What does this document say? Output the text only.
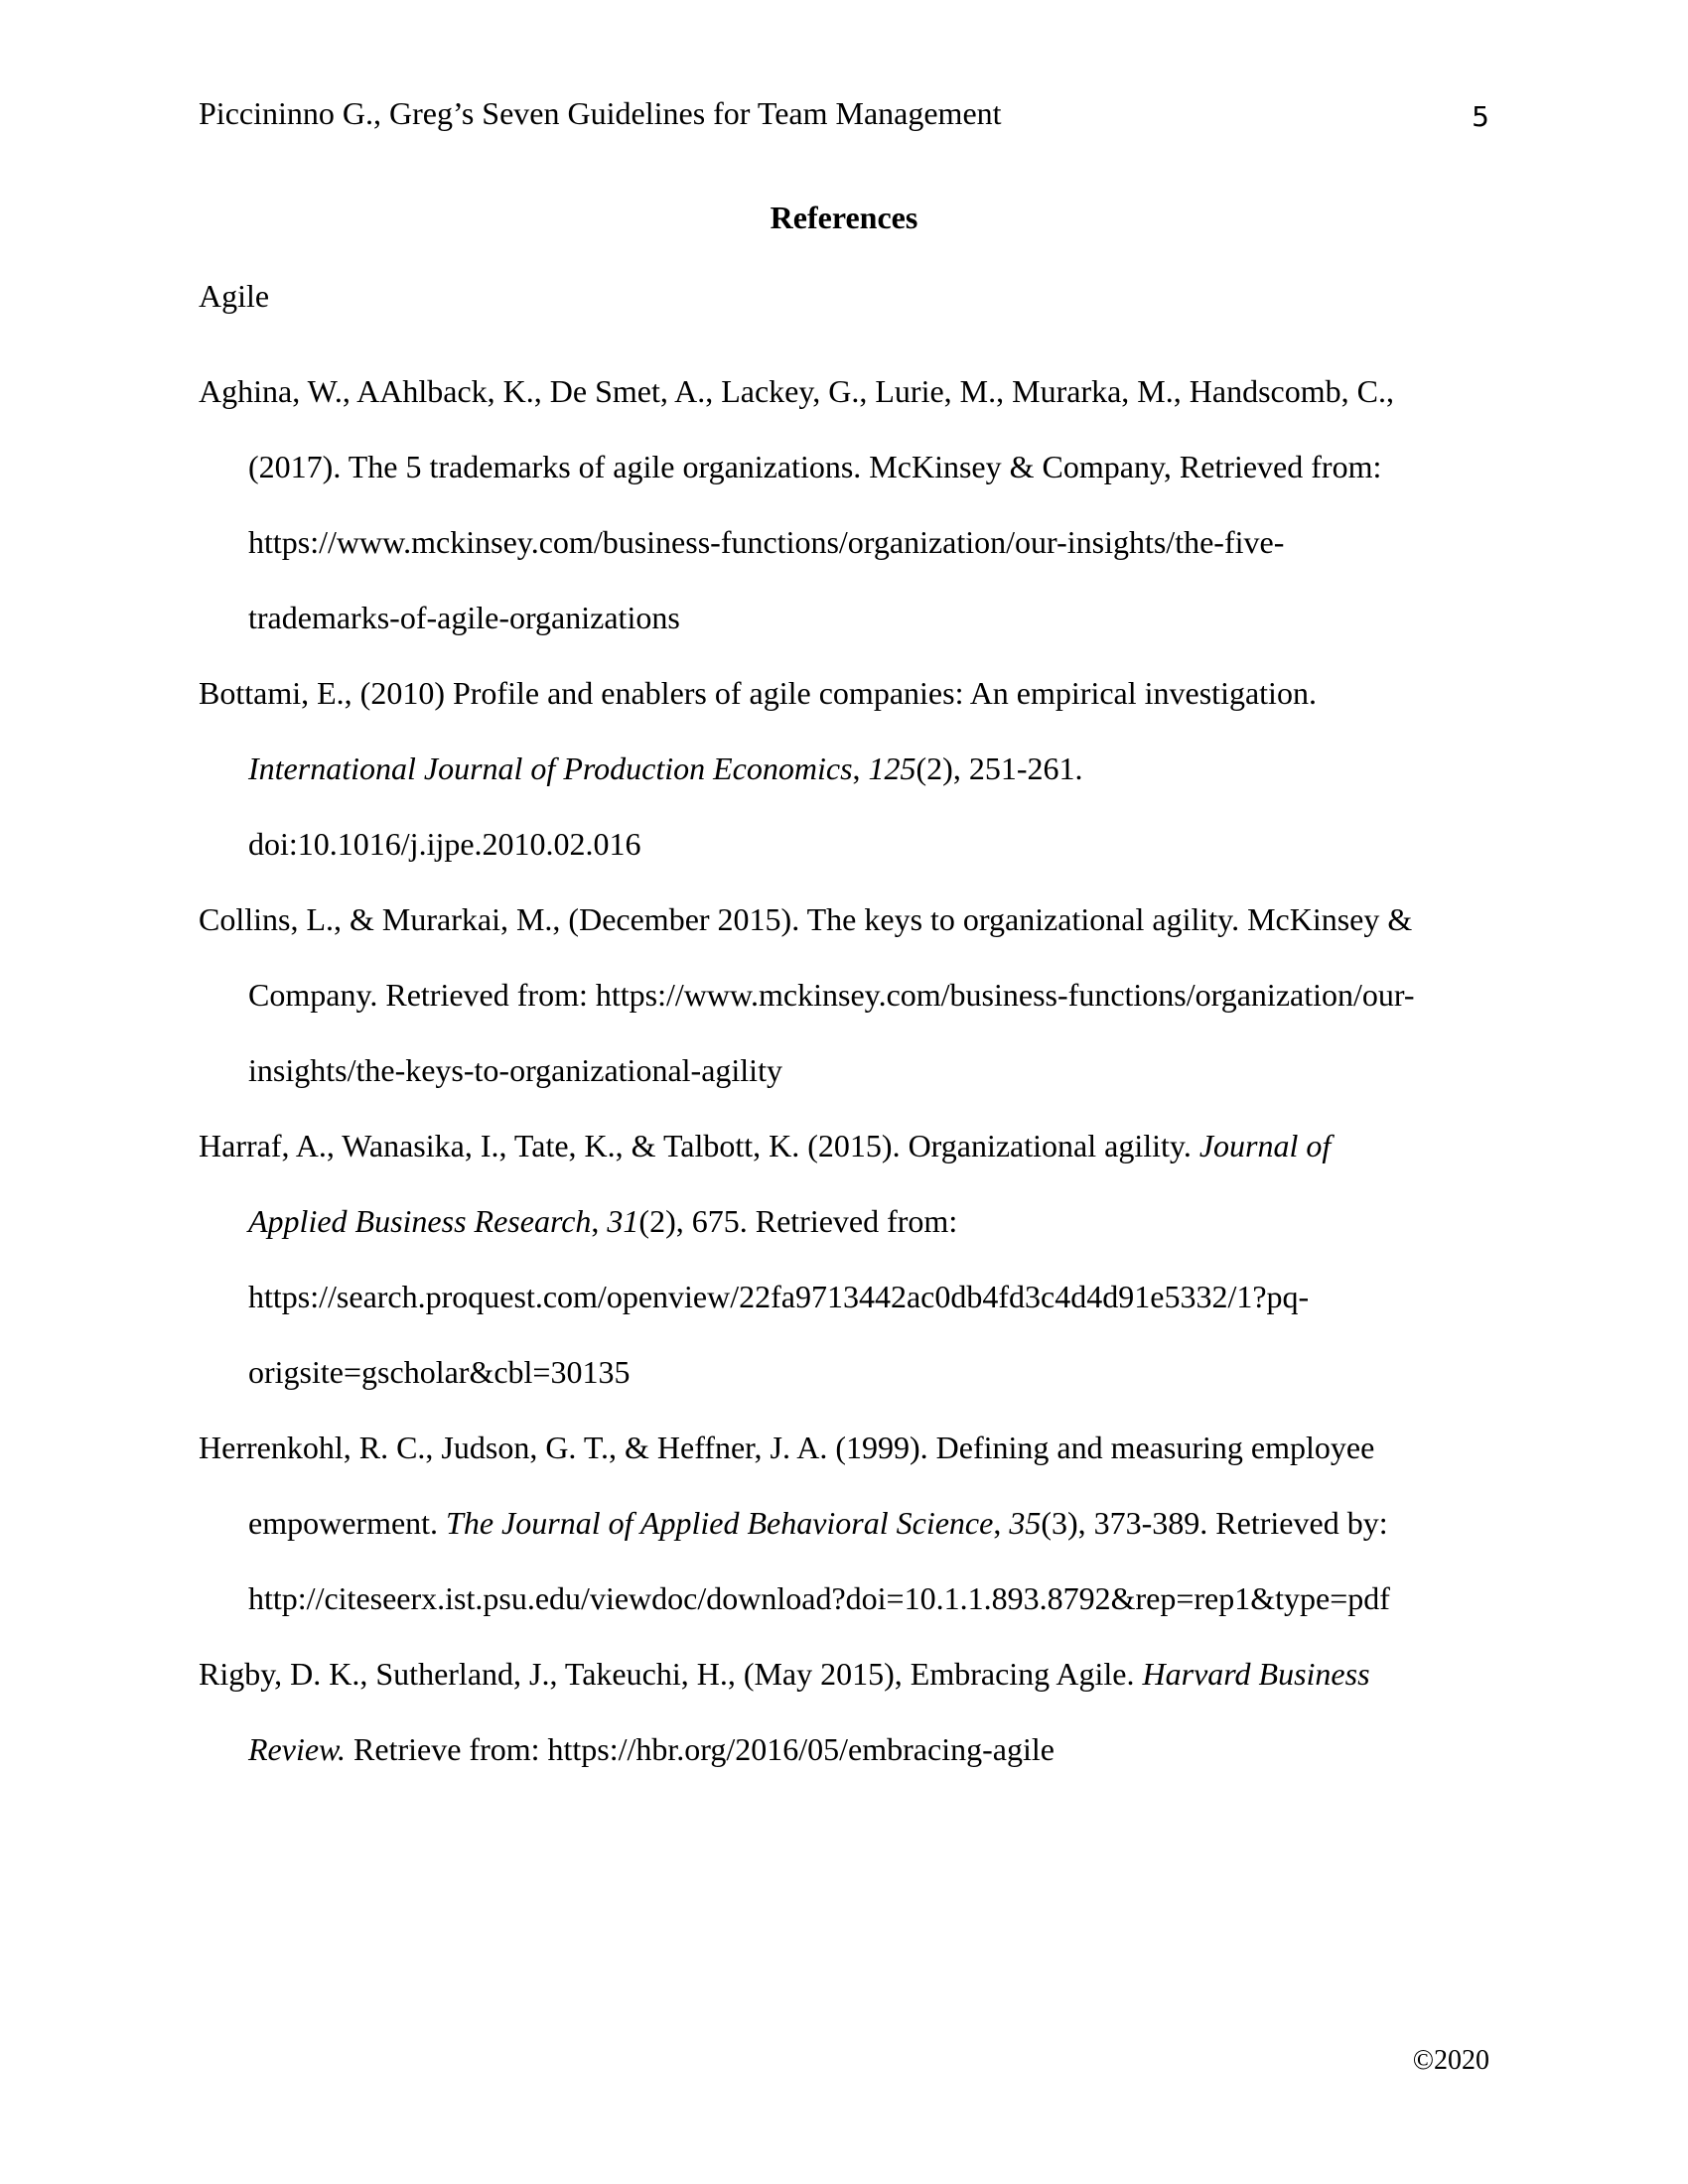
Piccininno G., Greg’s Seven Guidelines for Team Management	5
References
Agile
Aghina, W., AAhlback, K., De Smet, A., Lackey, G., Lurie, M., Murarka, M., Handscomb, C.,
(2017). The 5 trademarks of agile organizations. McKinsey & Company, Retrieved from:
https://www.mckinsey.com/business-functions/organization/our-insights/the-five-
trademarks-of-agile-organizations
Bottami, E., (2010) Profile and enablers of agile companies: An empirical investigation.
International Journal of Production Economics, 125(2), 251-261.
doi:10.1016/j.ijpe.2010.02.016
Collins, L., & Murarkai, M., (December 2015). The keys to organizational agility. McKinsey &
Company. Retrieved from: https://www.mckinsey.com/business-functions/organization/our-
insights/the-keys-to-organizational-agility
Harraf, A., Wanasika, I., Tate, K., & Talbott, K. (2015). Organizational agility. Journal of
Applied Business Research, 31(2), 675. Retrieved from:
https://search.proquest.com/openview/22fa9713442ac0db4fd3c4d4d91e5332/1?pq-
origsite=gscholar&cbl=30135
Herrenkohl, R. C., Judson, G. T., & Heffner, J. A. (1999). Defining and measuring employee
empowerment. The Journal of Applied Behavioral Science, 35(3), 373-389. Retrieved by:
http://citeseerx.ist.psu.edu/viewdoc/download?doi=10.1.1.893.8792&rep=rep1&type=pdf
Rigby, D. K., Sutherland, J., Takeuchi, H., (May 2015), Embracing Agile. Harvard Business
Review. Retrieve from: https://hbr.org/2016/05/embracing-agile
©2020
